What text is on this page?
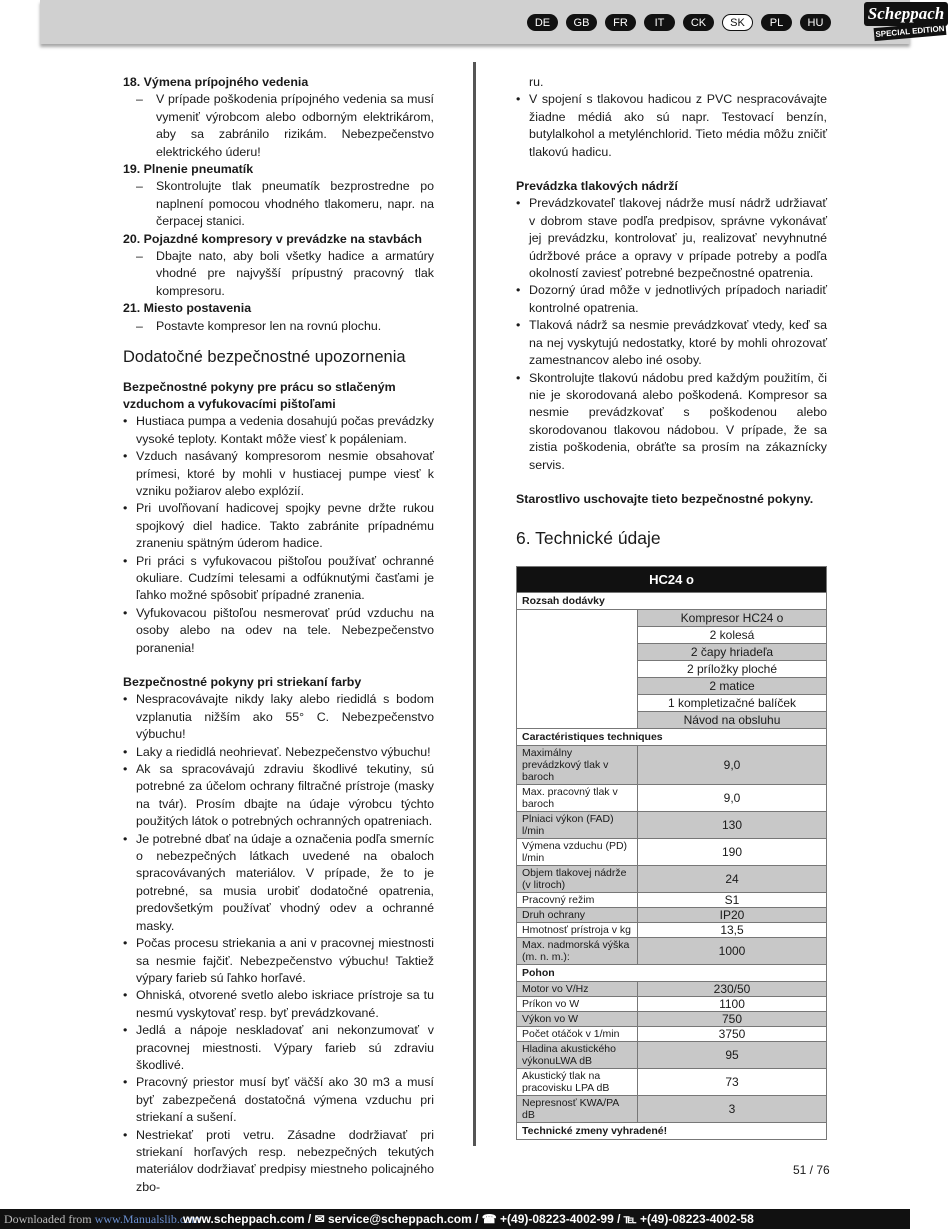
DE	GB	FR	IT	CK	SK	PL	HU	Scheppach
SPECIAL EDITION
18. Výmena prípojného vedenia
– V prípade poškodenia prípojného vedenia sa musí vymeniť výrobcom alebo odborným elektrikárom, aby sa zabránilo rizikám. Nebezpečenstvo elektrického úderu!
19. Plnenie pneumatík
– Skontrolujte tlak pneumatík bezprostredne po naplnení pomocou vhodného tlakomeru, napr. na čerpacej stanici.
20. Pojazdné kompresory v prevádzke na stavbách
– Dbajte nato, aby boli všetky hadice a armatúry vhodné pre najvyšší prípustný pracovný tlak kompresoru.
21. Miesto postavenia
– Postavte kompresor len na rovnú plochu.
Dodatočné bezpečnostné upozornenia
Bezpečnostné pokyny pre prácu so stlačeným vzduchom a vyfukovacími pištoľami
• Hustiaca pumpa a vedenia dosahujú počas prevádzky vysoké teploty. Kontakt môže viesť k popáleniam.
• Vzduch nasávaný kompresorom nesmie obsahovať prímesi, ktoré by mohli v hustiacej pumpe viesť k vzniku požiarov alebo explózií.
• Pri uvoľňovaní hadicovej spojky pevne držte rukou spojkový diel hadice. Takto zabránite prípadnému zraneniu spätným úderom hadice.
• Pri práci s vyfukovacou pištoľou používať ochranné okuliare. Cudzími telesami a odfúknutými časťami je ľahko možné spôsobiť prípadné zranenia.
• Vyfukovacou pištoľou nesmerovať prúd vzduchu na osoby alebo na odev na tele. Nebezpečenstvo poranenia!
Bezpečnostné pokyny pri striekaní farby
• Nespracovávajte nikdy laky alebo riedidlá s bodom vzplanutia nižším ako 55° C. Nebezpečenstvo výbuchu!
• Laky a riedidlá neohrievať. Nebezpečenstvo výbuchu!
• Ak sa spracovávajú zdraviu škodlivé tekutiny, sú potrebné za účelom ochrany filtračné prístroje (masky na tvár). Prosím dbajte na údaje výrobcu týchto použitých látok o potrebných ochranných opatreniach.
• Je potrebné dbať na údaje a označenia podľa smerníc o nebezpečných látkach uvedené na obaloch spracovávaných materiálov. V prípade, že to je potrebné, sa musia urobiť dodatočné opatrenia, predovšetkým používať vhodný odev a ochranné masky.
• Počas procesu striekania a ani v pracovnej miestnosti sa nesmie fajčiť. Nebezpečenstvo výbuchu! Taktiež výpary farieb sú ľahko horľavé.
• Ohniská, otvorené svetlo alebo iskriace prístroje sa tu nesmú vyskytovať resp. byť prevádzkované.
• Jedlá a nápoje neskladovať ani nekonzumovať v pracovnej miestnosti. Výpary farieb sú zdraviu škodlivé.
• Pracovný priestor musí byť väčší ako 30 m3 a musí byť zabezpečená dostatočná výmena vzduchu pri striekaní a sušení.
• Nestriekať proti vetru. Zásadne dodržiavať pri striekaní horľavých resp. nebezpečných tekutých materiálov dodržiavať predpisy miestneho policajného zbo-
ru.
• V spojení s tlakovou hadicou z PVC nespracovávajte žiadne médiá ako sú napr. Testovací benzín, butylalkohol a metylénchlorid. Tieto média môžu zničiť tlakovú hadicu.
Prevádzka tlakových nádrží
• Prevádzkovateľ tlakovej nádrže musí nádrž udržiavať v dobrom stave podľa predpisov, správne vykonávať jej prevádzku, kontrolovať ju, realizovať nevyhnutné údržbové práce a opravy v prípade potreby a podľa okolností zaviesť potrebné bezpečnostné opatrenia.
• Dozorný úrad môže v jednotlivých prípadoch nariadiť kontrolné opatrenia.
• Tlaková nádrž sa nesmie prevádzkovať vtedy, keď sa na nej vyskytujú nedostatky, ktoré by mohli ohrozovať zamestnancov alebo iné osoby.
• Skontrolujte tlakovú nádobu pred každým použitím, či nie je skorodovaná alebo poškodená. Kompresor sa nesmie prevádzkovať s poškodenou alebo skorodovanou tlakovou nádobou. V prípade, že sa zistia poškodenia, obráťte sa prosím na zákaznícky servis.
Starostlivo uschovajte tieto bezpečnostné pokyny.
6. Technické údaje
HC24 o	
Rozsah dodávky	
	Kompresor HC24 o
	2 kolesá
	2 čapy hriadeľa
	2 príložky ploché
	2 matice
	1 kompletizačné balíček
	Návod na obsluhu
Caractéristiques techniques	
Maximálny prevádzkový tlak v baroch	9,0
Max. pracovný tlak v baroch	9,0
Plniaci výkon (FAD) l/min	130
Výmena vzduchu (PD) l/min	190
Objem tlakovej nádrže (v litroch)	24
Pracovný režim	S1
Druh ochrany	IP20
Hmotnosť prístroja v kg	13,5
Max. nadmorská výška (m. n. m.):	1000
Pohon	
Motor vo V/Hz	230/50
Príkon vo W	1100
Výkon vo W	750
Počet otáčok v 1/min	3750
Hladina akustického výkonuLWA dB	95
Akustický tlak na pracovisku LPA dB	73
Nepresnosť KWA/PA dB	3
Technické zmeny vyhradené!	
51 / 76
Downloaded from www.Manualslib.com
www.scheppach.com / ✉ service@scheppach.com / ☎ +(49)-08223-4002-99 / ℡ +(49)-08223-4002-58
